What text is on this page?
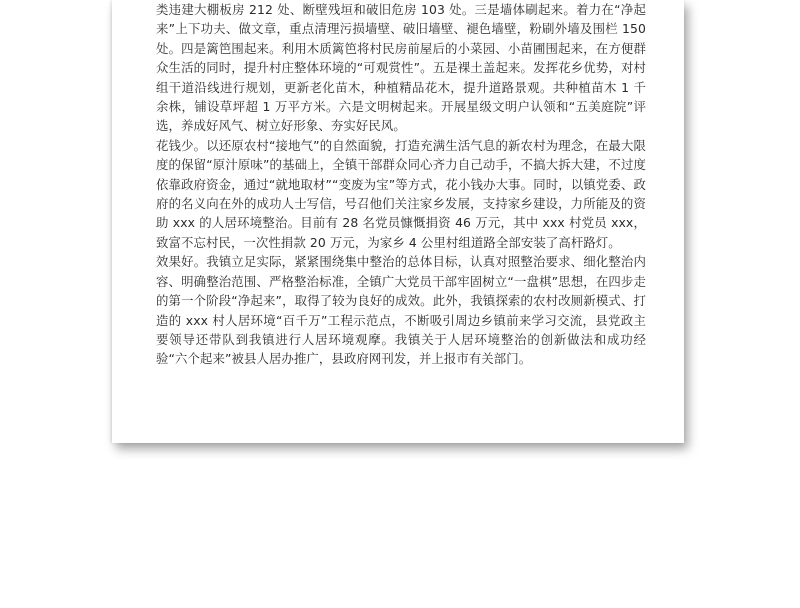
类违建大棚板房 212 处、断壁残垣和破旧危房 103 处。三是墙体刷起来。着力在“净起来”上下功夫、做文章，重点清理污损墙壁、破旧墙壁、褪色墙壁，粉刷外墙及围栏 150 处。四是篱笆围起来。利用木质篱笆将村民房前屋后的小菜园、小苗圃围起来，在方便群众生活的同时，提升村庄整体环境的“可观赏性”。五是裸土盖起来。发挥花乡优势，对村组干道沿线进行规划，更新老化苗木，种植精品花木，提升道路景观。共种植苗木 1 千余株，铺设草坪超 1 万平方米。六是文明树起来。开展星级文明户认领和“五美庭院”评选，养成好风气、树立好形象、夯实好民风。

花钱少。以还原农村“接地气”的自然面貌，打造充满生活气息的新农村为理念，在最大限度的保留“原汁原味”的基础上，全镇干部群众同心齐力自己动手，不搞大拆大建，不过度依靠政府资金，通过“就地取材”“变废为宝”等方式，花小钱办大事。同时，以镇党委、政府的名义向在外的成功人士写信，号召他们关注家乡发展，支持家乡建设，力所能及的资助 xxx 的人居环境整治。目前有 28 名党员慷慨捐资 46 万元，其中 xxx 村党员 xxx，致富不忘村民，一次性捐款 20 万元，为家乡 4 公里村组道路全部安装了高杆路灯。

效果好。我镇立足实际，紧紧围绕集中整治的总体目标，认真对照整治要求、细化整治内容、明确整治范围、严格整治标准，全镇广大党员干部牢固树立“一盘棋”思想，在四步走的第一个阶段“净起来”，取得了较为良好的成效。此外，我镇探索的农村改厕新模式、打造的 xxx 村人居环境“百千万”工程示范点，不断吸引周边乡镇前来学习交流，县党政主要领导还带队到我镇进行人居环境观摩。我镇关于人居环境整治的创新做法和成功经验“六个起来”被县人居办推广，县政府网刊发，并上报市有关部门。
